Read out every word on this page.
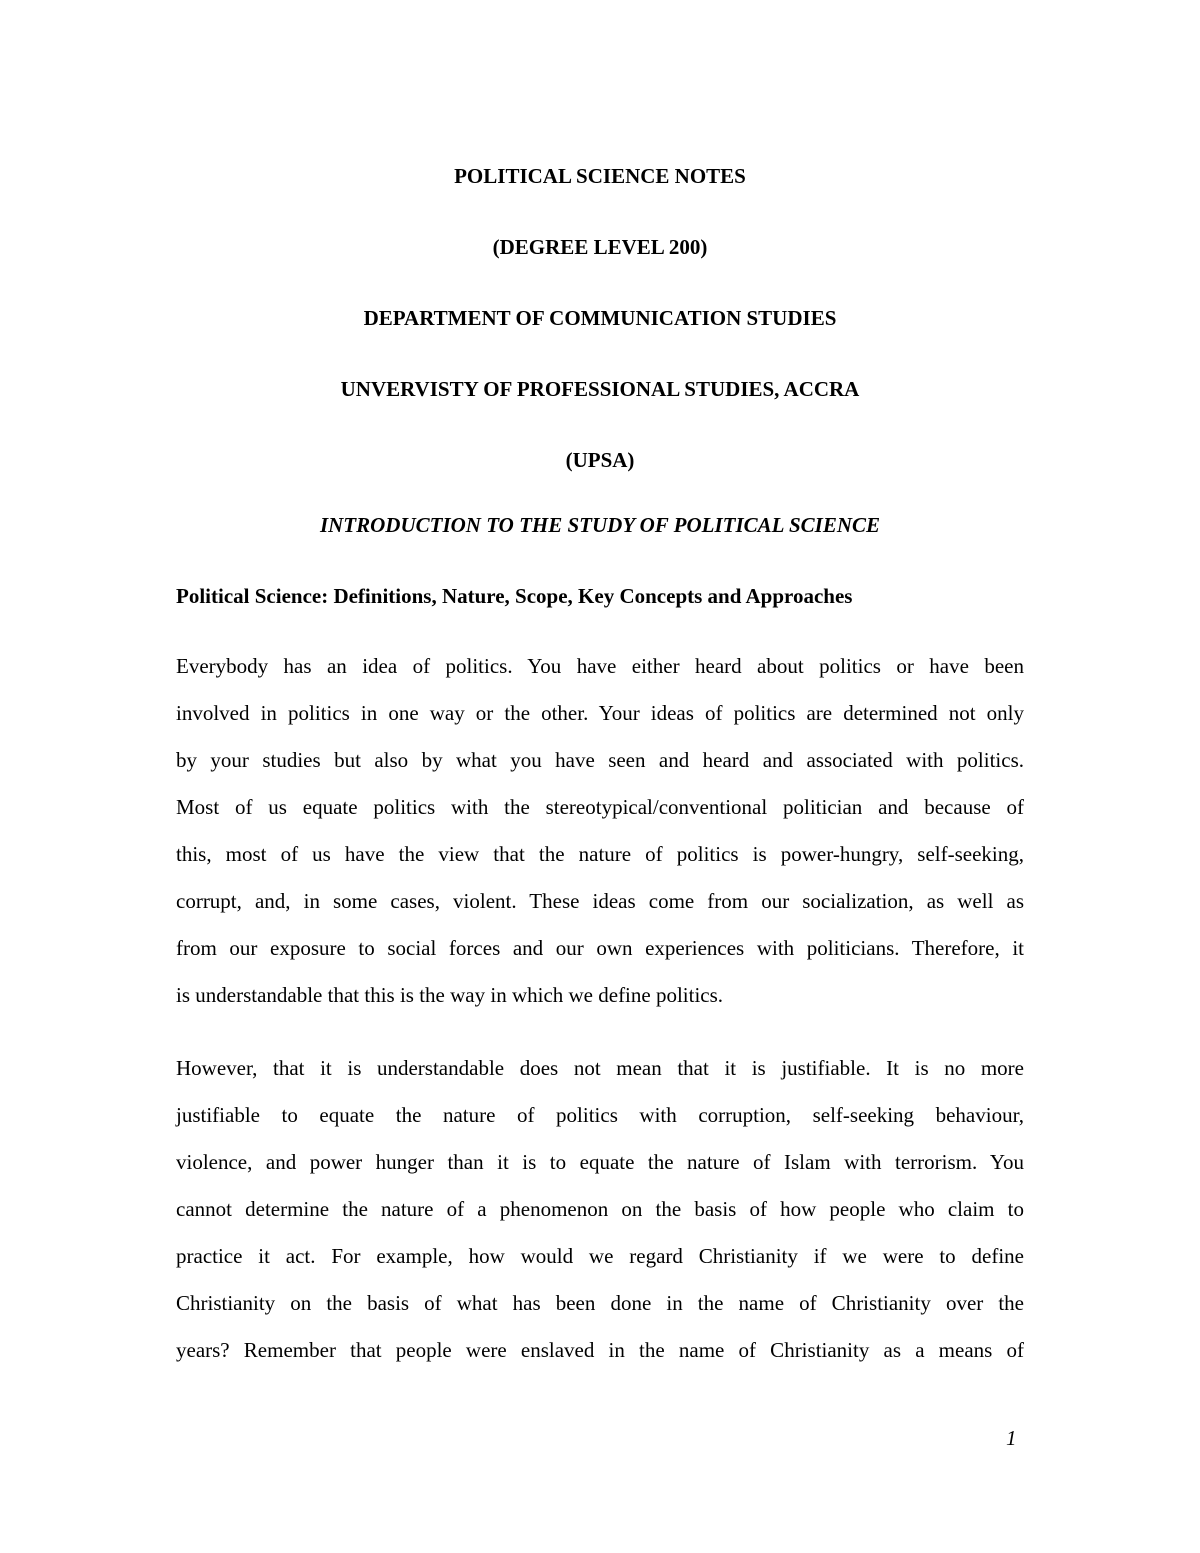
POLITICAL SCIENCE NOTES
(DEGREE LEVEL 200)
DEPARTMENT OF COMMUNICATION STUDIES
UNVERVISTY OF PROFESSIONAL STUDIES, ACCRA
(UPSA)
INTRODUCTION TO THE STUDY OF POLITICAL SCIENCE
Political Science: Definitions, Nature, Scope, Key Concepts and Approaches
Everybody has an idea of politics. You have either heard about politics or have been
involved in politics in one way or the other. Your ideas of politics are determined not only
by your studies but also by what you have seen and heard and associated with politics.
Most of us equate politics with the stereotypical/conventional politician and because of
this, most of us have the view that the nature of politics is power-hungry, self-seeking,
corrupt, and, in some cases, violent. These ideas come from our socialization, as well as
from our exposure to social forces and our own experiences with politicians. Therefore, it
is understandable that this is the way in which we define politics.
However, that it is understandable does not mean that it is justifiable. It is no more
justifiable to equate the nature of politics with corruption, self-seeking behaviour,
violence, and power hunger than it is to equate the nature of Islam with terrorism. You
cannot determine the nature of a phenomenon on the basis of how people who claim to
practice it act. For example, how would we regard Christianity if we were to define
Christianity on the basis of what has been done in the name of Christianity over the
years? Remember that people were enslaved in the name of Christianity as a means of
1
